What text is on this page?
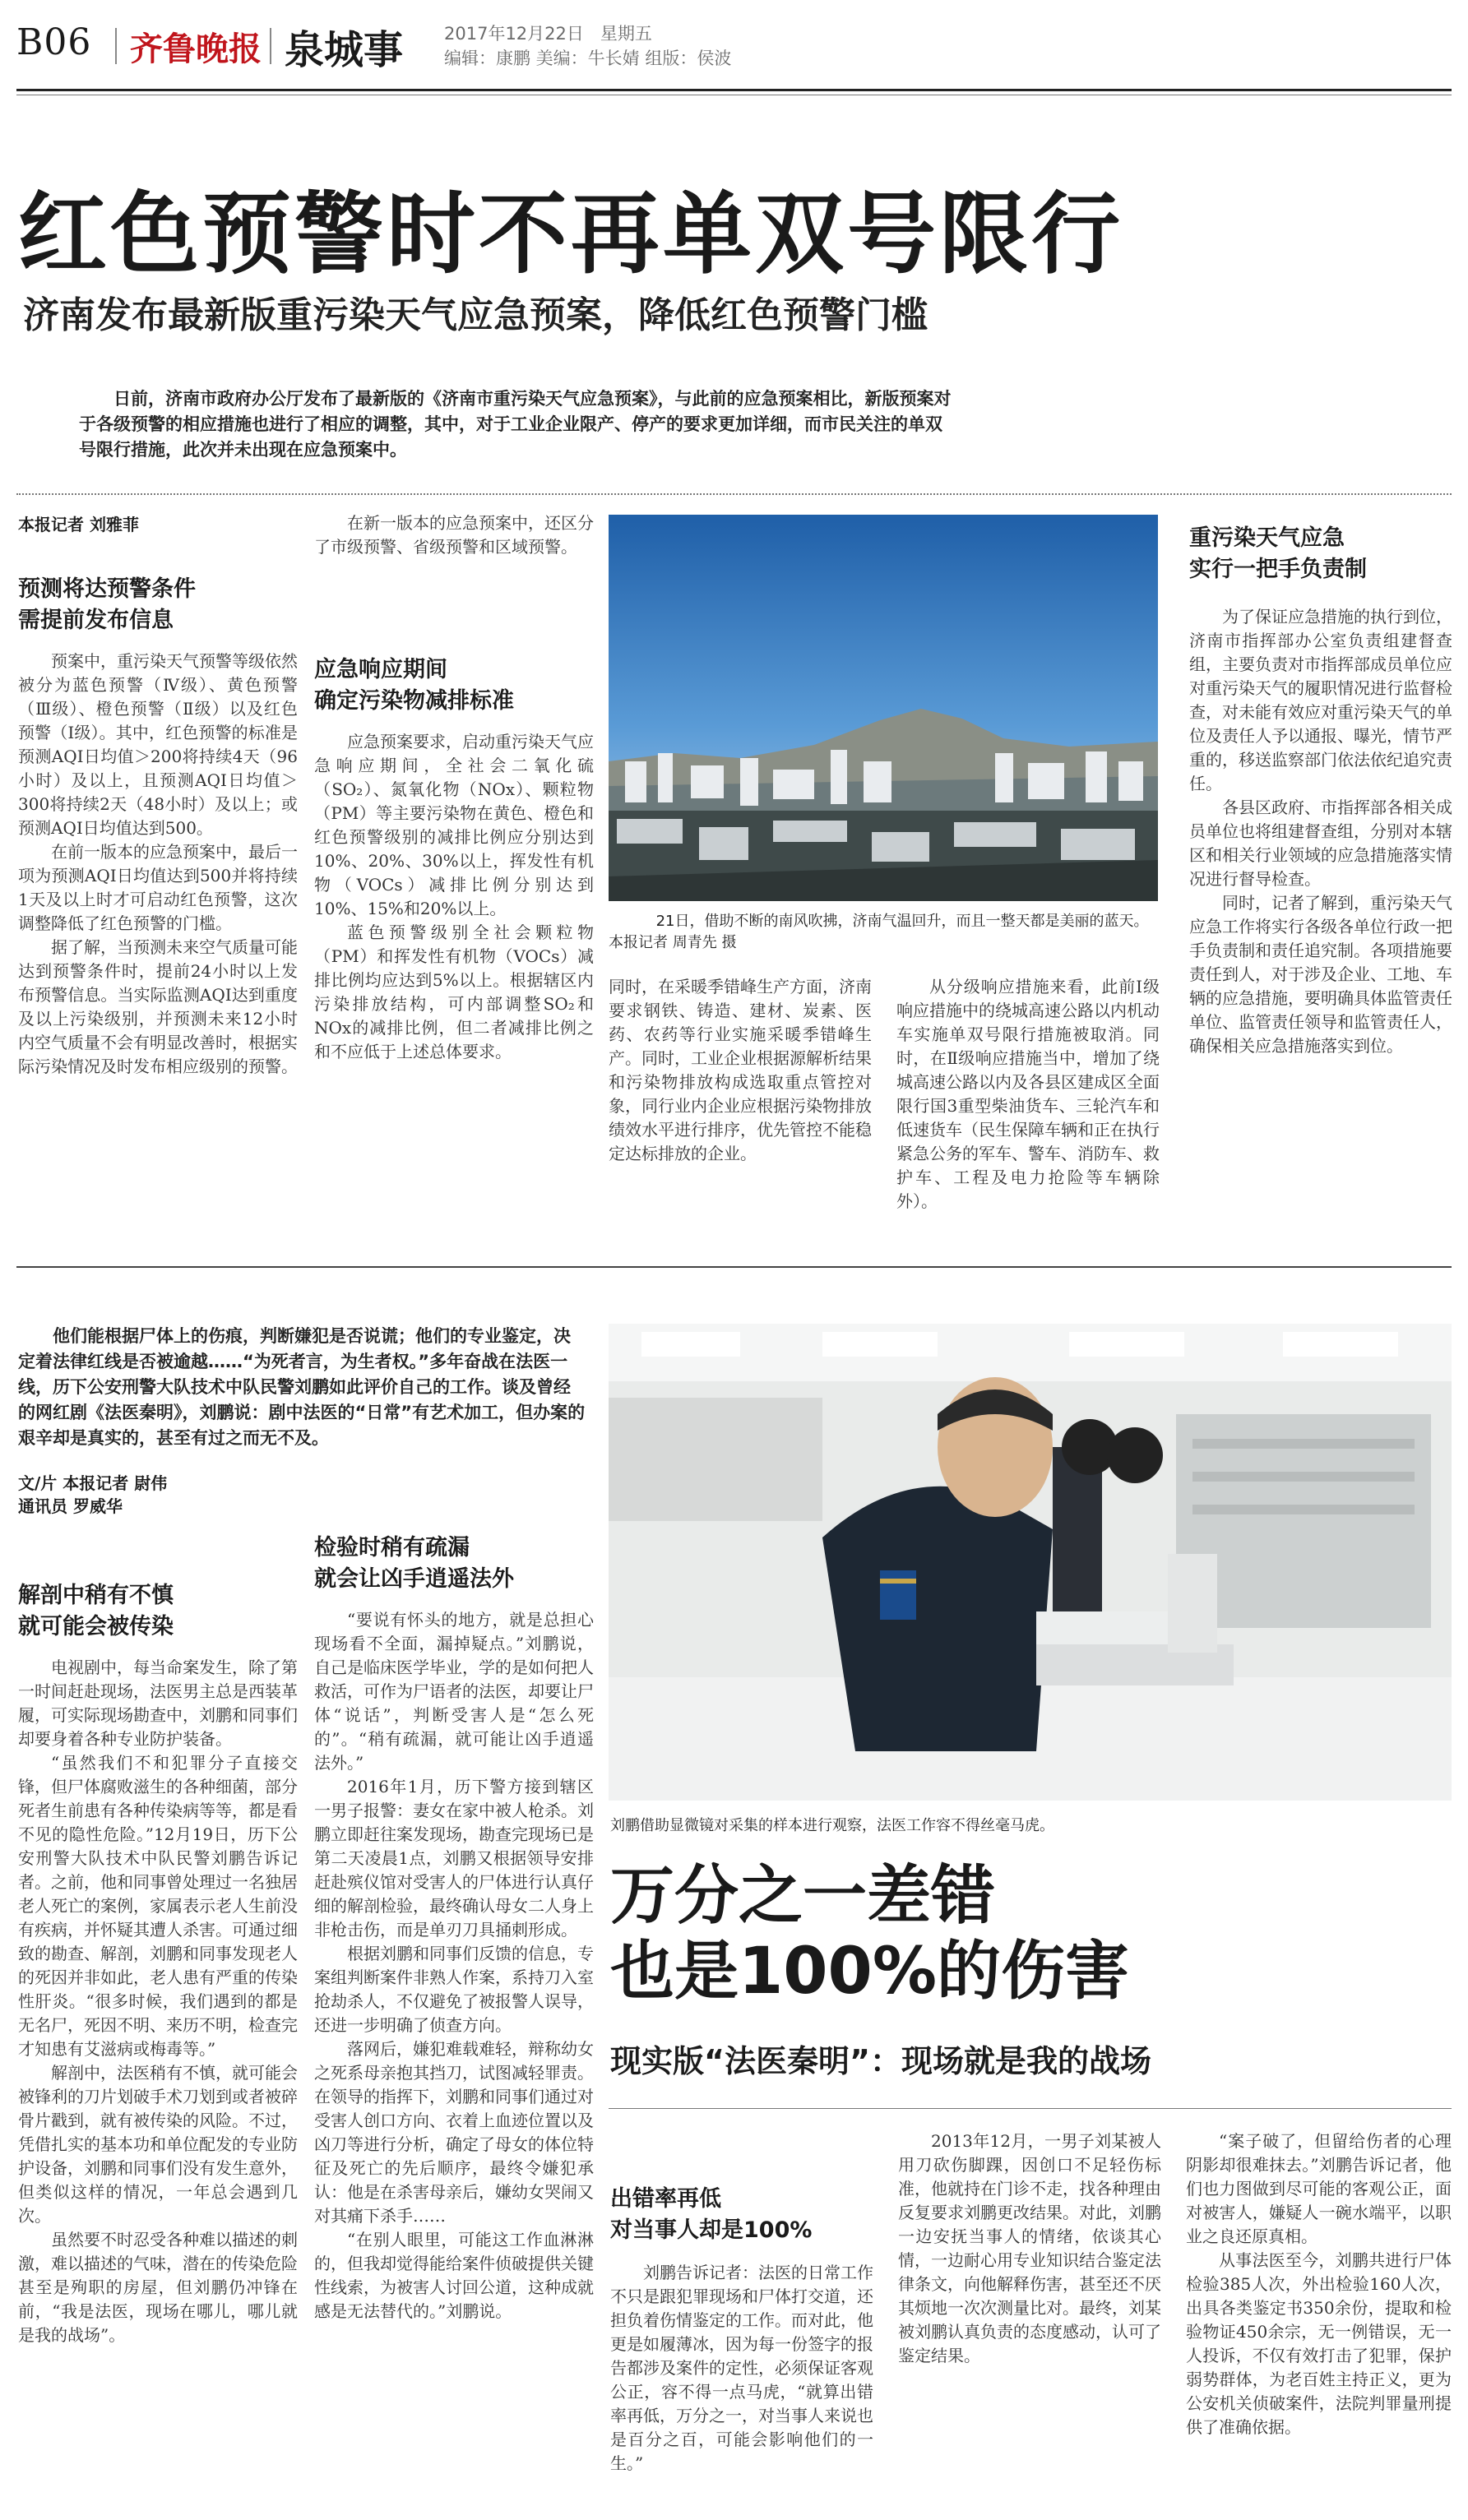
B06 齐鲁晚报 泉城事 2017年12月22日 星期五
编辑：康鹏 美编：牛长婧 组版：侯波
红色预警时不再单双号限行
济南发布最新版重污染天气应急预案，降低红色预警门槛
日前，济南市政府办公厅发布了最新版的《济南市重污染天气应急预案》，与此前的应急预案相比，新版预案对于各级预警的相应措施也进行了相应的调整，其中，对于工业企业限产、停产的要求更加详细，而市民关注的单双号限行措施，此次并未出现在应急预案中。
本报记者 刘雅菲
预测将达预警条件
需提前发布信息

预案中，重污染天气预警等级依然被分为蓝色预警（Ⅳ级）、黄色预警（Ⅲ级）、橙色预警（Ⅱ级）以及红色预警（Ⅰ级）。其中，红色预警的标准是预测AQI日均值＞200将持续4天（96小时）及以上，且预测AQI日均值＞300将持续2天（48小时）及以上；或预测AQI日均值达到500。

在前一版本的应急预案中，最后一项为预测AQI日均值达到500并将持续1天及以上时才可启动红色预警，这次调整降低了红色预警的门槛。

据了解，当预测未来空气质量可能达到预警条件时，提前24小时以上发布预警信息。当实际监测AQI达到重度及以上污染级别，并预测未来12小时内空气质量不会有明显改善时，根据实际污染情况及时发布相应级别的预警。

在新一版本的应急预案中，还区分了市级预警、省级预警和区域预警。

应急响应期间
确定污染物减排标准

应急预案要求，启动重污染天气应急响应期间，全社会二氧化硫（SO₂）、氮氧化物（NOx）、颗粒物（PM）等主要污染物在黄色、橙色和红色预警级别的减排比例应分别达到10%、20%、30%以上，挥发性有机物（VOCs）减排比例分别达到10%、15%和20%以上。

蓝色预警级别全社会颗粒物（PM）和挥发性有机物（VOCs）减排比例均应达到5%以上。根据辖区内污染排放结构，可内部调整SO₂和NOx的减排比例，但二者减排比例之和不应低于上述总体要求。

21日，借助不断的南风吹拂，济南气温回升，而且一整天都是美丽的蓝天。 本报记者 周青先 摄
重污染天气应急
实行一把手负责制

为了保证应急措施的执行到位，济南市指挥部办公室负责组建督查组，主要负责对市指挥部成员单位应对重污染天气的履职情况进行监督检查，对未能有效应对重污染天气的单位及责任人予以通报、曝光，情节严重的，移送监察部门依法依纪追究责任。

各县区政府、市指挥部各相关成员单位也将组建督查组，分别对本辖区和相关行业领域的应急措施落实情况进行督导检查。

同时，记者了解到，重污染天气应急工作将实行各级各单位行政一把手负责制和责任追究制。各项措施要责任到人，对于涉及企业、工地、车辆的应急措施，要明确具体监管责任单位、监管责任领导和监管责任人，确保相关应急措施落实到位。

同时，在采暖季错峰生产方面，济南要求钢铁、铸造、建材、炭素、医药、农药等行业实施采暖季错峰生产。同时，工业企业根据源解析结果和污染物排放构成选取重点管控对象，同行业内企业应根据污染物排放绩效水平进行排序，优先管控不能稳定达标排放的企业。

从分级响应措施来看，此前Ⅰ级响应措施中的绕城高速公路以内机动车实施单双号限行措施被取消。同时，在Ⅱ级响应措施当中，增加了绕城高速公路以内及各县区建成区全面限行国3重型柴油货车、三轮汽车和低速货车（民生保障车辆和正在执行紧急公务的军车、警车、消防车、救护车、工程及电力抢险等车辆除外）。

他们能根据尸体上的伤痕，判断嫌犯是否说谎；他们的专业鉴定，决定着法律红线是否被逾越……“为死者言，为生者权。”多年奋战在法医一线，历下公安刑警大队技术中队民警刘鹏如此评价自己的工作。谈及曾经的网红剧《法医秦明》，刘鹏说：剧中法医的“日常”有艺术加工，但办案的艰辛却是真实的，甚至有过之而无不及。
文/片 本报记者 尉伟
通讯员 罗威华
解剖中稍有不慎
就可能会被传染

电视剧中，每当命案发生，除了第一时间赶赴现场，法医男主总是西装革履，可实际现场勘查中，刘鹏和同事们却要身着各种专业防护装备。

“虽然我们不和犯罪分子直接交锋，但尸体腐败滋生的各种细菌，部分死者生前患有各种传染病等等，都是看不见的隐性危险。”12月19日，历下公安刑警大队技术中队民警刘鹏告诉记者。之前，他和同事曾处理过一名独居老人死亡的案例，家属表示老人生前没有疾病，并怀疑其遭人杀害。可通过细致的勘查、解剖，刘鹏和同事发现老人的死因并非如此，老人患有严重的传染性肝炎。“很多时候，我们遇到的都是无名尸，死因不明、来历不明，检查完才知患有艾滋病或梅毒等。”

解剖中，法医稍有不慎，就可能会被锋利的刀片划破手术刀划到或者被碎骨片戳到，就有被传染的风险。不过，凭借扎实的基本功和单位配发的专业防护设备，刘鹏和同事们没有发生意外，但类似这样的情况，一年总会遇到几次。

虽然要不时忍受各种难以描述的刺激，难以描述的气味，潜在的传染危险甚至是殉职的房屋，但刘鹏仍冲锋在前，“我是法医，现场在哪儿，哪儿就是我的战场”。

检验时稍有疏漏
就会让凶手逍遥法外

“要说有怀头的地方，就是总担心现场看不全面，漏掉疑点。”刘鹏说，自己是临床医学毕业，学的是如何把人救活，可作为尸语者的法医，却要让尸体“说话”，判断受害人是“怎么死的”。“稍有疏漏，就可能让凶手逍遥法外。”

2016年1月，历下警方接到辖区一男子报警：妻女在家中被人枪杀。刘鹏立即赶往案发现场，勘查完现场已是第二天凌晨1点，刘鹏又根据领导安排赶赴殡仪馆对受害人的尸体进行认真仔细的解剖检验，最终确认母女二人身上非枪击伤，而是单刃刀具捅刺形成。

根据刘鹏和同事们反馈的信息，专案组判断案件非熟人作案，系持刀入室抢劫杀人，不仅避免了被报警人误导，还进一步明确了侦查方向。

落网后，嫌犯难载难轻，辩称幼女之死系母亲抱其挡刀，试图减轻罪责。在领导的指挥下，刘鹏和同事们通过对受害人创口方向、衣着上血迹位置以及凶刀等进行分析，确定了母女的体位特征及死亡的先后顺序，最终令嫌犯承认：他是在杀害母亲后，嫌幼女哭闹又对其痛下杀手……

“在别人眼里，可能这工作血淋淋的，但我却觉得能给案件侦破提供关键性线索，为被害人讨回公道，这种成就感是无法替代的。”刘鹏说。

刘鹏借助显微镜对采集的样本进行观察，法医工作容不得丝毫马虎。
万分之一差错
也是100%的伤害
现实版“法医秦明”：现场就是我的战场
出错率再低
对当事人却是100%

刘鹏告诉记者：法医的日常工作不只是跟犯罪现场和尸体打交道，还担负着伤情鉴定的工作。而对此，他更是如履薄冰，因为每一份签字的报告都涉及案件的定性，必须保证客观公正，容不得一点马虎，“就算出错率再低，万分之一，对当事人来说也是百分之百，可能会影响他们的一生。”

2013年12月，一男子刘某被人用刀砍伤脚踝，因创口不足轻伤标准，他就持在门诊不走，找各种理由反复要求刘鹏更改结果。对此，刘鹏一边安抚当事人的情绪，依谈其心情，一边耐心用专业知识结合鉴定法律条文，向他解释伤害，甚至还不厌其烦地一次次测量比对。最终，刘某被刘鹏认真负责的态度感动，认可了鉴定结果。

“案子破了，但留给伤者的心理阴影却很难抹去。”刘鹏告诉记者，他们也力图做到尽可能的客观公正，面对被害人，嫌疑人一碗水端平，以职业之良还原真相。

从事法医至今，刘鹏共进行尸体检验385人次，外出检验160人次，出具各类鉴定书350余份，提取和检验物证450余宗，无一例错误，无一人投诉，不仅有效打击了犯罪，保护弱势群体，为老百姓主持正义，更为公安机关侦破案件，法院判罪量刑提供了准确依据。
